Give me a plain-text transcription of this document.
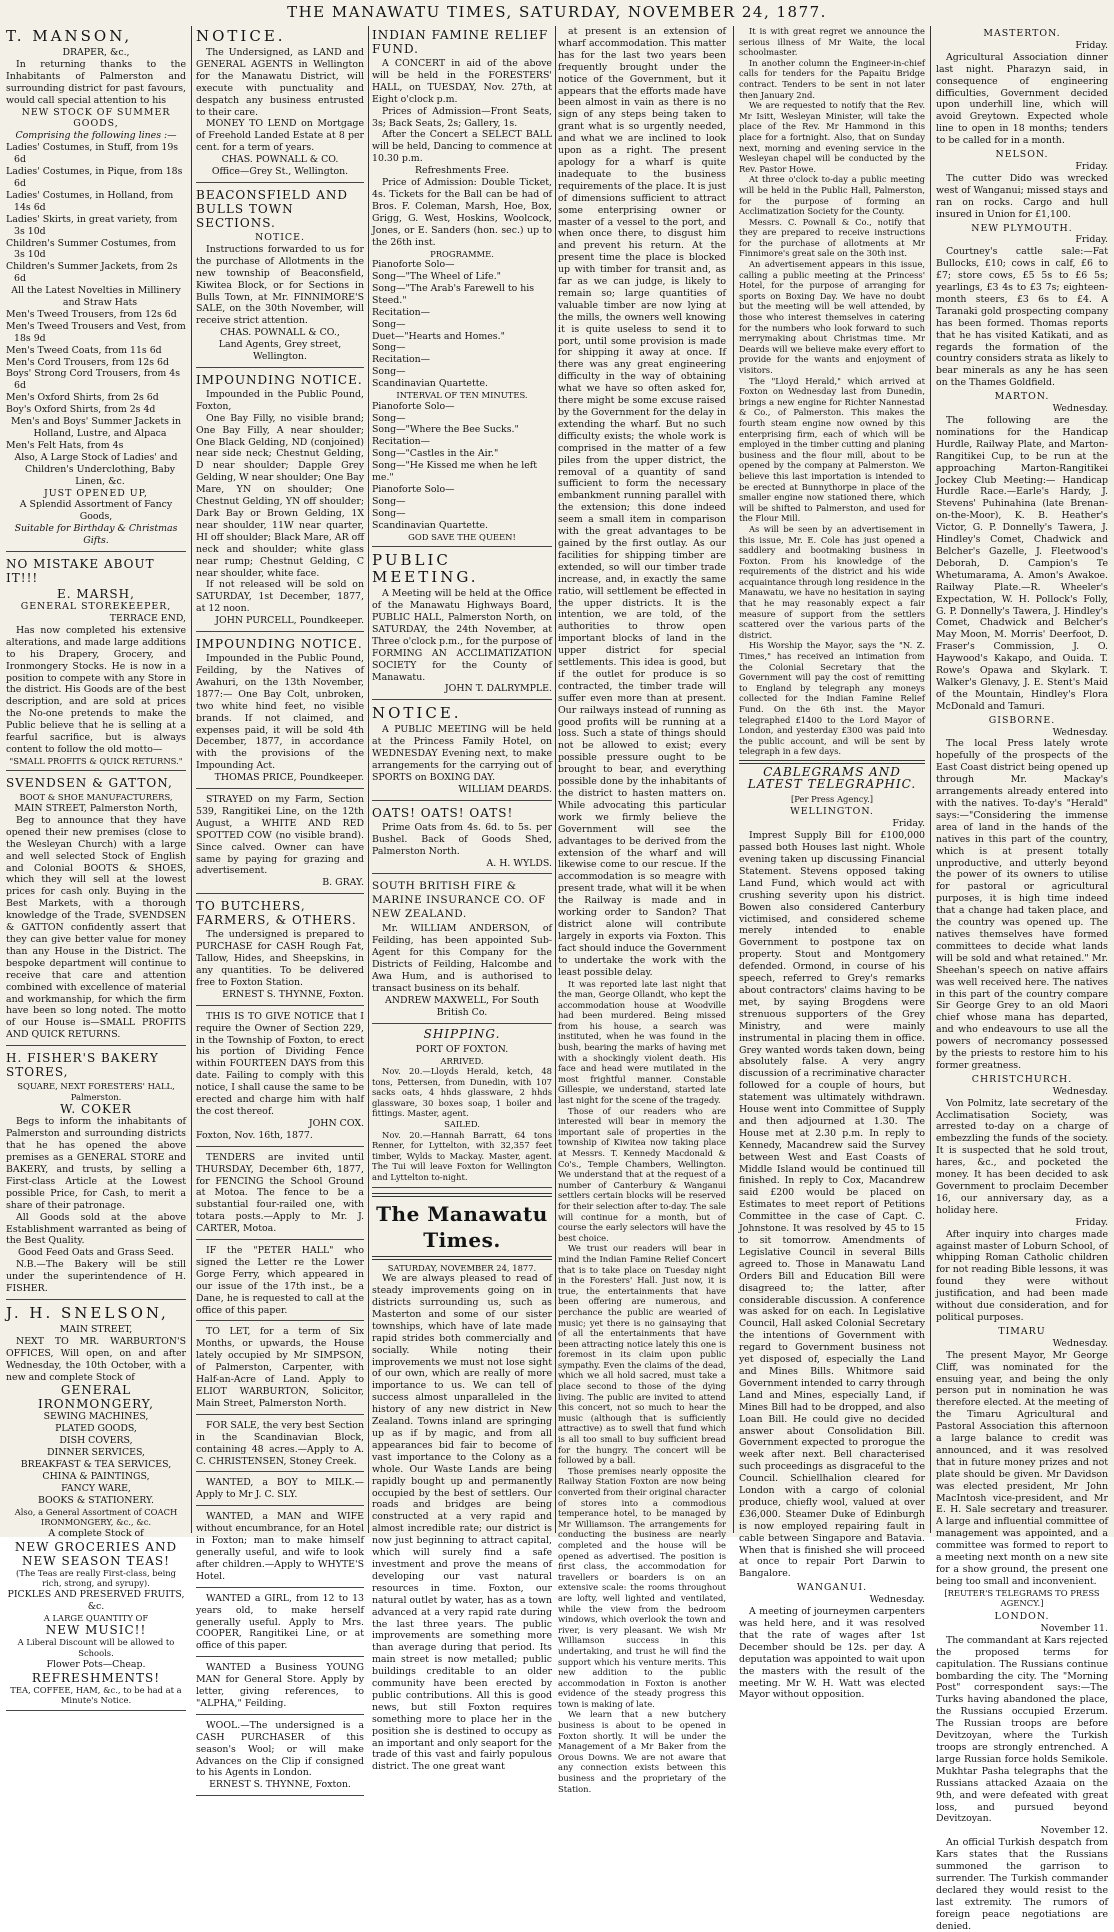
THE MANAWATU TIMES, SATURDAY, NOVEMBER 24, 1877.
T. MANSON,
DRAPER, &c.,

In returning thanks to the Inhabitants of Palmerston and surrounding district for past favours, would call special attention to his

NEW STOCK OF SUMMER GOODS,
Comprising the following lines :—

Ladies' Costumes, in Stuff, from 19s 6d

Ladies' Costumes, in Pique, from 18s 6d

Ladies' Costumes, in Holland, from 14s 6d

Ladies' Skirts, in great variety, from 3s 10d

Children's Summer Costumes, from 3s 10d

Children's Summer Jackets, from 2s 6d

All the Latest Novelties in Millinery and Straw Hats

Men's Tweed Trousers, from 12s 6d

Men's Tweed Trousers and Vest, from 18s 9d

Men's Tweed Coats, from 11s 6d

Men's Cord Trousers, from 12s 6d

Boys' Strong Cord Trousers, from 4s 6d

Men's Oxford Shirts, from 2s 6d

Boy's Oxford Shirts, from 2s 4d

Men's and Boys' Summer Jackets in Holland, Lustre, and Alpaca

Men's Felt Hats, from 4s

Also, A Large Stock of Ladies' and Children's Underclothing, Baby Linen, &c.

JUST OPENED UP,
A Splendid Assortment of Fancy Goods,
Suitable for Birthday & Christmas Gifts.
NO MISTAKE ABOUT IT!!!
E. MARSH,
GENERAL STOREKEEPER,
TERRACE END,

Has now completed his extensive alterations, and made large additions to his Drapery, Grocery, and Ironmongery Stocks. He is now in a position to compete with any Store in the district. His Goods are of the best description, and are sold at prices the No-one pretends to make the Public believe that he is selling at a fearful sacrifice, but is always content to follow the old motto—

"SMALL PROFITS & QUICK RETURNS."
SVENDSEN & GATTON,
BOOT & SHOE MANUFACTURERS,
MAIN STREET, Palmerston North,

Beg to announce that they have opened their new premises (close to the Wesleyan Church) with a large and well selected Stock of English and Colonial BOOTS & SHOES, which they will sell at the lowest prices for cash only. Buying in the Best Markets, with a thorough knowledge of the Trade, SVENDSEN & GATTON confidently assert that they can give better value for money than any House in the District. The bespoke department will continue to receive that care and attention combined with excellence of material and workmanship, for which the firm have been so long noted. The motto of our House is—SMALL PROFITS AND QUICK RETURNS.

H. FISHER'S BAKERY STORES,
SQUARE, NEXT FORESTERS' HALL, Palmerston.
W. COKER

Begs to inform the inhabitants of Palmerston and surrounding districts that he has opened the above premises as a GENERAL STORE and BAKERY, and trusts, by selling a First-class Article at the Lowest possible Price, for Cash, to merit a share of their patronage.

All Goods sold at the above Establishment warranted as being of the Best Quality.

Good Feed Oats and Grass Seed.

N.B.—The Bakery will be still under the superintendence of H. FISHER.

J. H. SNELSON,
MAIN STREET,

NEXT TO MR. WARBURTON'S OFFICES, Will open, on and after Wednesday, the 10th October, with a new and complete Stock of

GENERAL
IRONMONGERY,
SEWING MACHINES,
PLATED GOODS,
DISH COVERS,
DINNER SERVICES,
BREAKFAST & TEA SERVICES,
CHINA & PAINTINGS,
FANCY WARE,
BOOKS & STATIONERY.
Also, a General Assortment of COACH IRONMONGERY, &c., &c.
A complete Stock of
NEW GROCERIES AND
NEW SEASON TEAS!
(The Teas are really First-class, being rich, strong, and syrupy).
PICKLES AND PRESERVED FRUITS, &c.
A LARGE QUANTITY OF
NEW MUSIC!!
A Liberal Discount will be allowed to Schools.
Flower Pots—Cheap.
REFRESHMENTS!
TEA, COFFEE, HAM, &c., to be had at a Minute's Notice.
NOTICE.

The Undersigned, as LAND and GENERAL AGENTS in Wellington for the Manawatu District, will execute with punctuality and despatch any business entrusted to their care.

MONEY TO LEND on Mortgage of Freehold Landed Estate at 8 per cent. for a term of years.

CHAS. POWNALL & CO.
Office—Grey St., Wellington.
BEACONSFIELD AND BULLS TOWN SECTIONS.
NOTICE.

Instructions forwarded to us for the purchase of Allotments in the new township of Beaconsfield, Kiwitea Block, or for Sections in Bulls Town, at Mr. FINNIMORE'S SALE, on the 30th November, will receive strict attention.

CHAS. POWNALL & CO.,
Land Agents, Grey street, Wellington.
IMPOUNDING NOTICE.

Impounded in the Public Pound, Foxton,

One Bay Filly, no visible brand; One Bay Filly, A near shoulder; One Black Gelding, ND (conjoined) near side neck; Chestnut Gelding, D near shoulder; Dapple Grey Gelding, W near shoulder; One Bay Mare, YN on shoulder; One Chestnut Gelding, YN off shoulder; Dark Bay or Brown Gelding, 1X near shoulder, 11W near quarter, HI off shoulder; Black Mare, AR off neck and shoulder; white glass near rump; Chestnut Gelding, C near shoulder, white face.

If not released will be sold on SATURDAY, 1st December, 1877, at 12 noon.

JOHN PURCELL, Poundkeeper.
IMPOUNDING NOTICE.

Impounded in the Public Pound, Feilding, by the Natives of Awahuri, on the 13th November, 1877:— One Bay Colt, unbroken, two white hind feet, no visible brands. If not claimed, and expenses paid, it will be sold 4th December, 1877, in accordance with the provisions of the Impounding Act.

THOMAS PRICE, Poundkeeper.

STRAYED on my Farm, Section 539, Rangitikei Line, on the 12th August, a WHITE AND RED SPOTTED COW (no visible brand). Since calved. Owner can have same by paying for grazing and advertisement.

B. GRAY.
TO BUTCHERS, FARMERS, & OTHERS.

The undersigned is prepared to PURCHASE for CASH Rough Fat, Tallow, Hides, and Sheepskins, in any quantities. To be delivered free to Foxton Station.

ERNEST S. THYNNE, Foxton.

THIS IS TO GIVE NOTICE that I require the Owner of Section 229, in the Township of Foxton, to erect his portion of Dividing Fence within FOURTEEN DAYS from this date. Failing to comply with this notice, I shall cause the same to be erected and charge him with half the cost thereof.

JOHN COX.
Foxton, Nov. 16th, 1877.

TENDERS are invited until THURSDAY, December 6th, 1877, for FENCING the School Ground at Motoa. The fence to be a substantial four-railed one, with totara posts.—Apply to Mr. J. CARTER, Motoa.

IF the "PETER HALL" who signed the Letter re the Lower Gorge Ferry, which appeared in our issue of the 17th inst., be a Dane, he is requested to call at the office of this paper.

TO LET, for a term of Six Months, or upwards, the House lately occupied by Mr SIMPSON, of Palmerston, Carpenter, with Half-an-Acre of Land. Apply to ELIOT WARBURTON, Solicitor, Main Street, Palmerston North.

FOR SALE, the very best Section in the Scandinavian Block, containing 48 acres.—Apply to A. C. CHRISTENSEN, Stoney Creek.

WANTED, a BOY to MILK.— Apply to Mr J. C. SLY.

WANTED, a MAN and WIFE without encumbrance, for an Hotel in Foxton; man to make himself generally useful, and wife to look after children.—Apply to WHYTE'S Hotel.

WANTED a GIRL, from 12 to 13 years old, to make herself generally useful. Apply to Mrs. COOPER, Rangitikei Line, or at office of this paper.

WANTED a Business YOUNG MAN for General Store. Apply by letter, giving references, to "ALPHA," Feilding.

WOOL.—The undersigned is a CASH PURCHASER of this season's Wool; or will make Advances on the Clip if consigned to his Agents in London.

ERNEST S. THYNNE, Foxton.
INDIAN FAMINE RELIEF FUND.

A CONCERT in aid of the above will be held in the FORESTERS' HALL, on TUESDAY, Nov. 27th, at Eight o'clock p.m.

Prices of Admission—Front Seats, 3s; Back Seats, 2s; Gallery, 1s.

After the Concert a SELECT BALL will be held, Dancing to commence at 10.30 p.m.

Refreshments Free.

Price of Admission: Double Ticket, 4s. Tickets for the Ball can be had of Bros. F. Coleman, Marsh, Hoe, Box, Grigg, G. West, Hoskins, Woolcock, Jones, or E. Sanders (hon. sec.) up to the 26th inst.

PROGRAMME.
Pianoforte Solo—
Song—"The Wheel of Life."
Song—"The Arab's Farewell to his Steed."
Recitation—
Song—
Duet—"Hearts and Homes."
Song—
Recitation—
Song—
Scandinavian Quartette.
INTERVAL OF TEN MINUTES.
Pianoforte Solo—
Song—
Song—"Where the Bee Sucks."
Recitation—
Song—"Castles in the Air."
Song—"He Kissed me when he left me."
Pianoforte Solo—
Song—
Song—
Scandinavian Quartette.
GOD SAVE THE QUEEN!
PUBLIC MEETING.

A Meeting will be held at the Office of the Manawatu Highways Board, PUBLIC HALL, Palmerston North, on SATURDAY, the 24th November, at Three o'clock p.m., for the purpose of FORMING AN ACCLIMATIZATION SOCIETY for the County of Manawatu.

JOHN T. DALRYMPLE.
NOTICE.

A PUBLIC MEETING will be held at the Princess Family Hotel, on WEDNESDAY Evening next, to make arrangements for the carrying out of SPORTS on BOXING DAY.

WILLIAM DEARDS.
OATS! OATS! OATS!

Prime Oats from 4s. 6d. to 5s. per Bushel. Back of Goods Shed, Palmerston North.

A. H. WYLDS.
SOUTH BRITISH FIRE & MARINE INSURANCE CO. OF NEW ZEALAND.

Mr. WILLIAM ANDERSON, of Feilding, has been appointed Sub-Agent for this Company for the Districts of Feilding, Halcombe and Awa Hum, and is authorised to transact business on its behalf.

ANDREW MAXWELL, For South British Co.
SHIPPING.
PORT OF FOXTON.
ARRIVED.

Nov. 20.—Lloyds Herald, ketch, 48 tons, Pettersen, from Dunedin, with 107 sacks oats, 4 hhds glassware, 2 hhds glassware, 30 boxes soap, 1 boiler and fittings. Master, agent.

SAILED.

Nov. 20.—Hannah Barratt, 64 tons Renner, for Lyttelton, with 32,357 feet timber, Wylds to Mackay. Master, agent. The Tui will leave Foxton for Wellington and Lyttelton to-night.

The Manawatu Times.
SATURDAY, NOVEMBER 24, 1877.

We are always pleased to read of steady improvements going on in districts surrounding us, such as Masterton and some of our sister townships, which have of late made rapid strides both commercially and socially. While noting their improvements we must not lose sight of our own, which are really of more importance to us. We can tell of success almost unparalleled in the history of any new district in New Zealand. Towns inland are springing up as if by magic, and from all appearances bid fair to become of vast importance to the Colony as a whole. Our Waste Lands are being rapidly bought up and permanently occupied by the best of settlers. Our roads and bridges are being constructed at a very rapid and almost incredible rate; our district is now just beginning to attract capital, which will surely find a safe investment and prove the means of developing our vast natural resources in time. Foxton, our natural outlet by water, has as a town advanced at a very rapid rate during the last three years. The public improvements are something more than average during that period. Its main street is now metalled; public buildings creditable to an older community have been erected by public contributions. All this is good news, but still Foxton requires something more to place her in the position she is destined to occupy as an important and only seaport for the trade of this vast and fairly populous district. The one great want

at present is an extension of wharf accommodation. This matter has for the last two years been frequently brought under the notice of the Government, but it appears that the efforts made have been almost in vain as there is no sign of any steps being taken to grant what is so urgently needed, and what we are inclined to look upon as a right. The present apology for a wharf is quite inadequate to the business requirements of the place. It is just of dimensions sufficient to attract some enterprising owner or master of a vessel to the port, and when once there, to disgust him and prevent his return. At the present time the place is blocked up with timber for transit and, as far as we can judge, is likely to remain so; large quantities of valuable timber are now lying at the mills, the owners well knowing it is quite useless to send it to port, until some provision is made for shipping it away at once. If there was any great engineering difficulty in the way of obtaining what we have so often asked for, there might be some excuse raised by the Government for the delay in extending the wharf. But no such difficulty exists; the whole work is comprised in the matter of a few piles from the upper district, the removal of a quantity of sand sufficient to form the necessary embankment running parallel with the extension; this done indeed seem a small item in comparison with the great advantages to be gained by the first outlay. As our facilities for shipping timber are extended, so will our timber trade increase, and, in exactly the same ratio, will settlement be effected in the upper districts. It is the intention, we are told, of the authorities to throw open important blocks of land in the upper district for special settlements. This idea is good, but if the outlet for produce is so contracted, the timber trade will suffer even more than at present. Our railways instead of running as good profits will be running at a loss. Such a state of things should not be allowed to exist; every possible pressure ought to be brought to bear, and everything possible done by the inhabitants of the district to hasten matters on. While advocating this particular work we firmly believe the Government will see the advantages to be derived from the extension of the wharf and will likewise come to our rescue. If the accommodation is so meagre with present trade, what will it be when the Railway is made and in working order to Sandon? That district alone will contribute largely in exports via Foxton. This fact should induce the Government to undertake the work with the least possible delay.

It was reported late last night that the man, George Ollandt, who kept the accommodation house at Woodville had been murdered. Being missed from his house, a search was instituted, when he was found in the bush, bearing the marks of having met with a shockingly violent death. His face and head were mutilated in the most frightful manner. Constable Gillespie, we understand, started late last night for the scene of the tragedy.

Those of our readers who are interested will bear in memory the important sale of properties in the township of Kiwitea now taking place at Messrs. T. Kennedy Macdonald & Co's., Temple Chambers, Wellington. We understand that at the request of a number of Canterbury & Wanganui settlers certain blocks will be reserved for their selection after to-day. The sale will continue for a month, but of course the early selectors will have the best choice.

We trust our readers will bear in mind the Indian Famine Relief Concert that is to take place on Tuesday night in the Foresters' Hall. Just now, it is true, the entertainments that have been offering are numerous, and perchance the public are wearied of music; yet there is no gainsaying that of all the entertainments that have been attracting notice lately this one is foremost in its claim upon public sympathy. Even the claims of the dead, which we all hold sacred, must take a place second to those of the dying living. The public are invited to attend this concert, not so much to hear the music (although that is sufficiently attractive) as to swell that fund which is all too small to buy sufficient bread for the hungry. The concert will be followed by a ball.

Those premises nearly opposite the Railway Station Foxton are now being converted from their original character of stores into a commodious temperance hotel, to be managed by Mr Williamson. The arrangements for conducting the business are nearly completed and the house will be opened as advertised. The position is first class, the accommodation for travellers or boarders is on an extensive scale: the rooms throughout are lofty, well lighted and ventilated, while the view from the bedroom windows, which overlook the town and river, is very pleasant. We wish Mr Williamson success in this undertaking, and trust he will find the support which his venture merits. This new addition to the public accommodation in Foxton is another evidence of the steady progress this town is making of late.

We learn that a new butchery business is about to be opened in Foxton shortly. It will be under the Management of a Mr Baker from the Orous Downs. We are not aware that any connection exists between this business and the proprietary of the Station.

It is with great regret we announce the serious illness of Mr Waite, the local schoolmaster.

In another column the Engineer-in-chief calls for tenders for the Papaitu Bridge contract. Tenders to be sent in not later then January 2nd.

We are requested to notify that the Rev. Mr Isitt, Wesleyan Minister, will take the place of the Rev. Mr Hammond in this place for a fortnight. Also, that on Sunday next, morning and evening service in the Wesleyan chapel will be conducted by the Rev. Pastor Howe.

At three o'clock to-day a public meeting will be held in the Public Hall, Palmerston, for the purpose of forming an Acclimatization Society for the County.

Messrs. C. Pownall & Co., notify that they are prepared to receive instructions for the purchase of allotments at Mr Finnimore's great sale on the 30th inst.

An advertisement appears in this issue, calling a public meeting at the Princess' Hotel, for the purpose of arranging for sports on Boxing Day. We have no doubt but the meeting will be well attended, by those who interest themselves in catering for the numbers who look forward to such merrymaking about Christmas time. Mr Deards will we believe make every effort to provide for the wants and enjoyment of visitors.

The "Lloyd Herald," which arrived at Foxton on Wednesday last from Dunedin, brings a new engine for Richter Nannestad & Co., of Palmerston. This makes the fourth steam engine now owned by this enterprising firm, each of which will be employed in the timber cutting and planing business and the flour mill, about to be opened by the company at Palmerston. We believe this last importation is intended to be erected at Bunnythorpe in place of the smaller engine now stationed there, which will be shifted to Palmerston, and used for the Flour Mill.

As will be seen by an advertisement in this issue, Mr. E. Cole has just opened a saddlery and bootmaking business in Foxton. From his knowledge of the requirements of the district and his wide acquaintance through long residence in the Manawatu, we have no hesitation in saying that he may reasonably expect a fair measure of support from the settlers scattered over the various parts of the district.

His Worship the Mayor, says the "N. Z. Times," has received an intimation from the Colonial Secretary that the Government will pay the cost of remitting to England by telegraph any moneys collected for the Indian Famine Relief Fund. On the 6th inst. the Mayor telegraphed £1400 to the Lord Mayor of London, and yesterday £300 was paid into the public account, and will be sent by telegraph in a few days.

CABLEGRAMS AND LATEST TELEGRAPHIC.
[Per Press Agency.]
WELLINGTON.
Friday.

Imprest Supply Bill for £100,000 passed both Houses last night. Whole evening taken up discussing Financial Statement. Stevens opposed taking Land Fund, which would act with crushing severity upon his district. Bowen also considered Canterbury victimised, and considered scheme merely intended to enable Government to postpone tax on property. Stout and Montgomery defended. Ormond, in course of his speech, referred to Grey's remarks about contractors' claims having to be met, by saying Brogdens were strenuous supporters of the Grey Ministry, and were mainly instrumental in placing them in office. Grey wanted words taken down, being absolutely false. A very angry discussion of a recriminative character followed for a couple of hours, but statement was ultimately withdrawn. House went into Committee of Supply and then adjourned at 1.30. The House met at 2.30 p.m. In reply to Kennedy, Macandrew said the Survey between West and East Coasts of Middle Island would be continued till finished. In reply to Cox, Macandrew said £200 would be placed on Estimates to meet report of Petitions Committee in the case of Capt. C. Johnstone. It was resolved by 45 to 15 to sit tomorrow. Amendments of Legislative Council in several Bills agreed to. Those in Manawatu Land Orders Bill and Education Bill were disagreed to; the latter, after considerable discussion. A conference was asked for on each. In Legislative Council, Hall asked Colonial Secretary the intentions of Government with regard to Government business not yet disposed of, especially the Land and Mines Bills. Whitmore said Government intended to carry through Land and Mines, especially Land, if Mines Bill had to be dropped, and also Loan Bill. He could give no decided answer about Consolidation Bill. Government expected to prorogue the week after next. Bell characterised such proceedings as disgraceful to the Council. Schiellhalion cleared for London with a cargo of colonial produce, chiefly wool, valued at over £36,000. Steamer Duke of Edinburgh is now employed repairing fault in cable between Singapore and Batavia. When that is finished she will proceed at once to repair Port Darwin to Bangalore.

WANGANUI.
Wednesday.

A meeting of journeymen carpenters was held here, and it was resolved that the rate of wages after 1st December should be 12s. per day. A deputation was appointed to wait upon the masters with the result of the meeting. Mr W. H. Watt was elected Mayor without opposition.

MASTERTON.
Friday.

Agricultural Association dinner last night. Pharazyn said, in consequence of engineering difficulties, Government decided upon underhill line, which will avoid Greytown. Expected whole line to open in 18 months; tenders to be called for in a month.

NELSON.
Friday.

The cutter Dido was wrecked west of Wanganui; missed stays and ran on rocks. Cargo and hull insured in Union for £1,100.

NEW PLYMOUTH.
Friday.

Courtney's cattle sale:—Fat Bullocks, £10; cows in calf, £6 to £7; store cows, £5 5s to £6 5s; yearlings, £3 4s to £3 7s; eighteen-month steers, £3 6s to £4. A Taranaki gold prospecting company has been formed. Thomas reports that he has visited Katikati, and as regards the formation of the country considers strata as likely to bear minerals as any he has seen on the Thames Goldfield.

MARTON.
Wednesday.

The following are the nominations for the Handicap Hurdle, Railway Plate, and Marton-Rangitikei Cup, to be run at the approaching Marton-Rangitikei Jockey Club Meeting:— Handicap Hurdle Race.—Earle's Hardy, J. Stevens' Puhinahina (late Brenan-on-the-Moor), K. B. Heather's Victor, G. P. Donnelly's Tawera, J. Hindley's Comet, Chadwick and Belcher's Gazelle, J. Fleetwood's Deborah, D. Campion's Te Whetumarama, A. Amon's Awakoe. Railway Plate.—R. Wheeler's Expectation, W. H. Pollock's Folly, G. P. Donnelly's Tawera, J. Hindley's Comet, Chadwick and Belcher's May Moon, M. Morris' Deerfoot, D. Fraser's Commission, J. O. Haywood's Kakapo, and Ouida. T. Rowe's Opawa and Skylark. T. Walker's Glenavy, J. E. Stent's Maid of the Mountain, Hindley's Flora McDonald and Tamuri.

GISBORNE.
Wednesday.

The local Press lately wrote hopefully of the prospects of the East Coast district being opened up through Mr. Mackay's arrangements already entered into with the natives. To-day's "Herald" says:—"Considering the immense area of land in the hands of the natives in this part of the country, which is at present totally unproductive, and utterly beyond the power of its owners to utilise for pastoral or agricultural purposes, it is high time indeed that a change had taken place, and the country was opened up. The natives themselves have formed committees to decide what lands will be sold and what retained." Mr. Sheehan's speech on native affairs was well received here. The natives in this part of the country compare Sir George Grey to an old Maori chief whose mana has departed, and who endeavours to use all the powers of necromancy possessed by the priests to restore him to his former greatness.

CHRISTCHURCH.
Wednesday.

Von Polmitz, late secretary of the Acclimatisation Society, was arrested to-day on a charge of embezzling the funds of the society. It is suspected that he sold trout, hares, &c., and pocketed the money. It has been decided to ask Government to proclaim December 16, our anniversary day, as a holiday here.

Friday.

After inquiry into charges made against master of Loburn School, of whipping Roman Catholic children for not reading Bible lessons, it was found they were without justification, and had been made without due consideration, and for political purposes.

TIMARU
Wednesday.

The present Mayor, Mr George Cliff, was nominated for the ensuing year, and being the only person put in nomination he was therefore elected. At the meeting of the Timaru Agricultural and Pastoral Association this afternoon a large balance to credit was announced, and it was resolved that in future money prizes and not plate should be given. Mr Davidson was elected president, Mr John MacIntosh vice-president, and Mr E. H. Sale secretary and treasurer. A large and influential committee of management was appointed, and a committee was formed to report to a meeting next month on a new site for a show ground, the present one being too small and inconvenient.

[REUTER'S TELEGRAMS TO PRESS AGENCY.]
LONDON.
November 11.

The commandant at Kars rejected the proposed terms for capitulation. The Russians continue bombarding the city. The "Morning Post" correspondent says:—The Turks having abandoned the place, the Russians occupied Erzerum. The Russian troops are before Devitzoyan, where the Turkish troops are strongly entrenched. A large Russian force holds Semikole. Mukhtar Pasha telegraphs that the Russians attacked Azaaia on the 9th, and were defeated with great loss, and pursued beyond Devitzoyan.

November 12.

An official Turkish despatch from Kars states that the Russians summoned the garrison to surrender. The Turkish commander declared they would resist to the last extremity. The rumors of foreign peace negotiations are denied.
